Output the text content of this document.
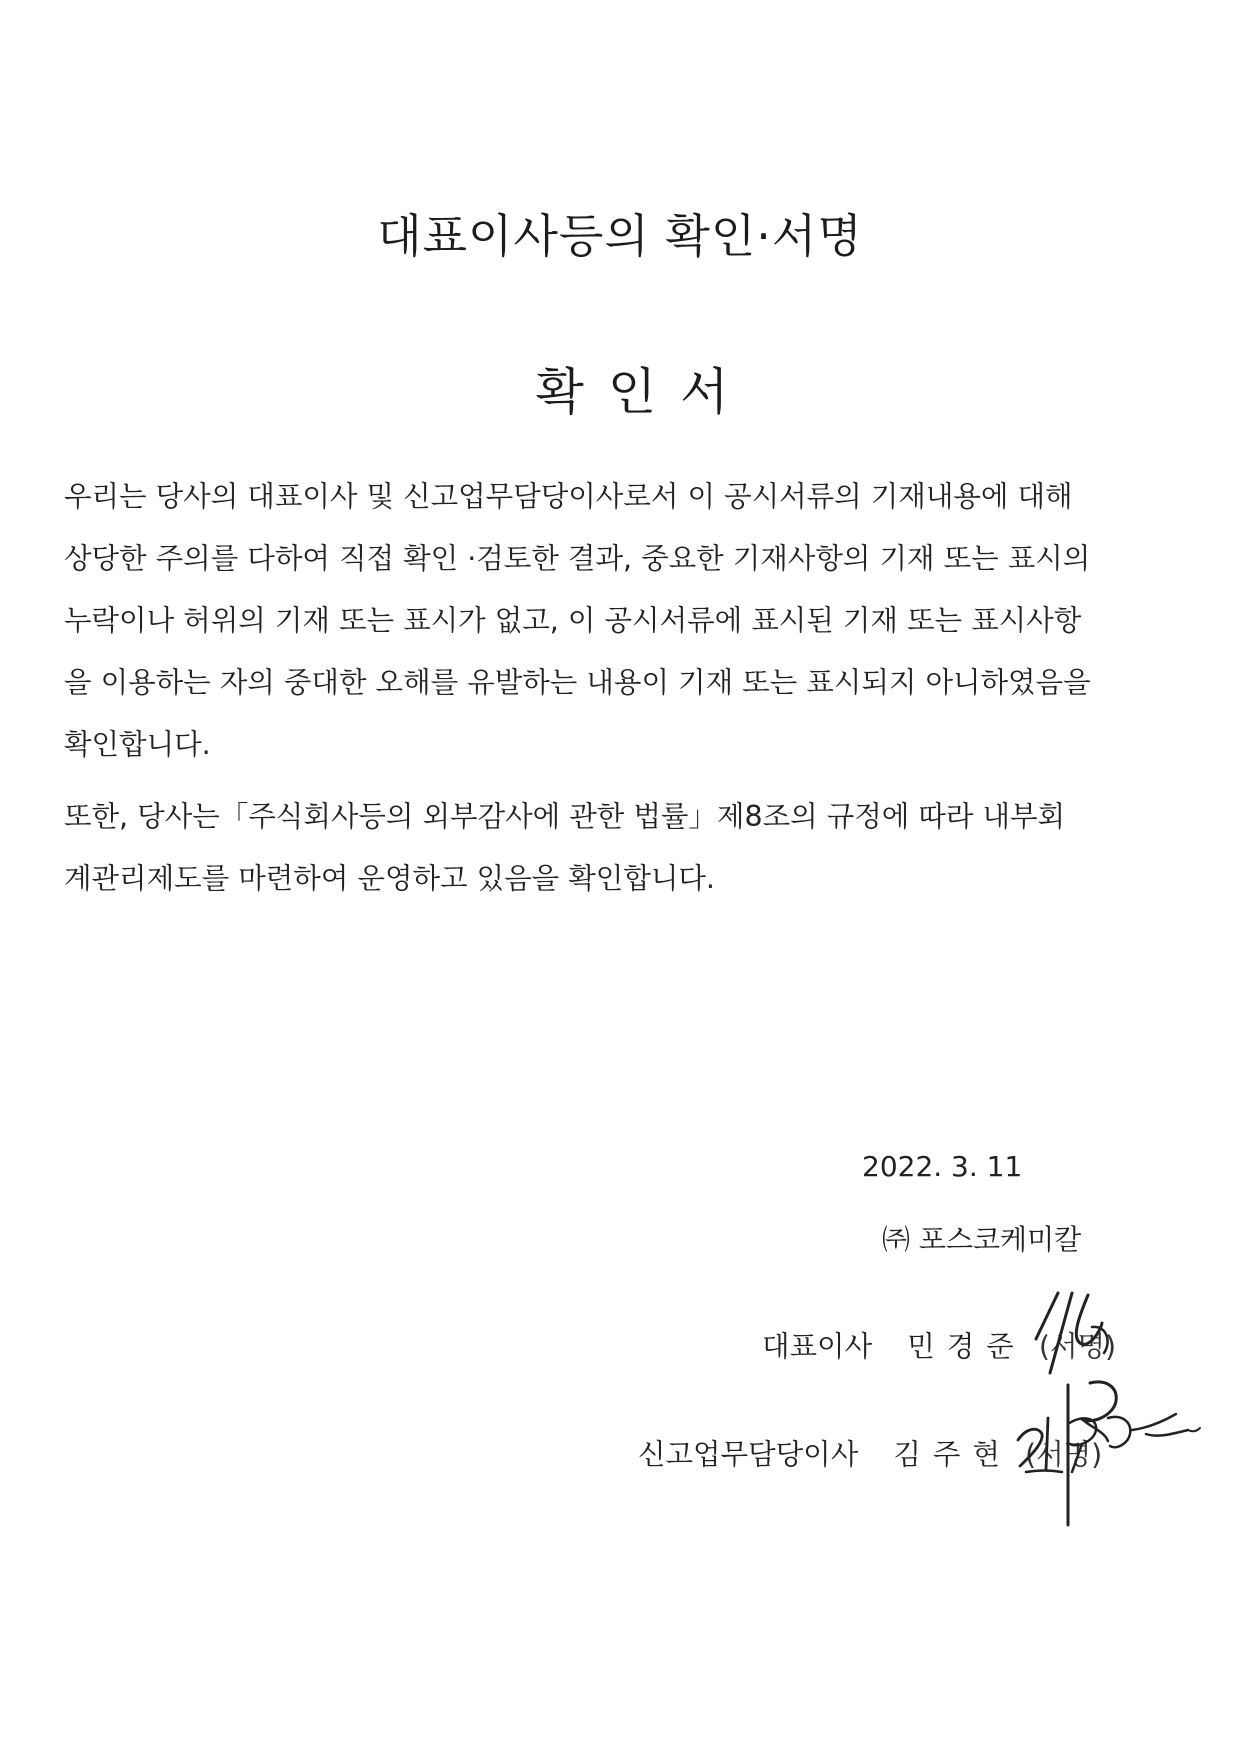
대표이사등의 확인·서명
확인서
우리는 당사의 대표이사 및 신고업무담당이사로서 이 공시서류의 기재내용에 대해
상당한 주의를 다하여 직접 확인 ·검토한 결과, 중요한 기재사항의 기재 또는 표시의
누락이나 허위의 기재 또는 표시가 없고, 이 공시서류에 표시된 기재 또는 표시사항
을 이용하는 자의 중대한 오해를 유발하는 내용이 기재 또는 표시되지 아니하였음을
확인합니다.
또한, 당사는「주식회사등의 외부감사에 관한 법률」제8조의 규정에 따라 내부회
계관리제도를 마련하여 운영하고 있음을 확인합니다.
2022. 3. 11
㈜ 포스코케미칼
대표이사 민경준 (서명)
신고업무담당이사 김주현 (서명)
